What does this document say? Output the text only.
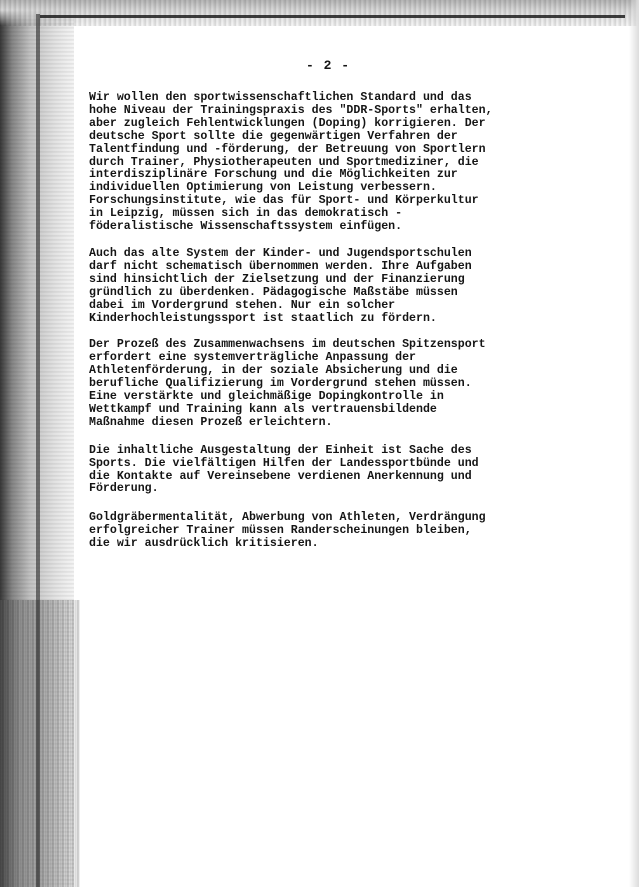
- 2 -

Wir wollen den sportwissenschaftlichen Standard und das
hohe Niveau der Trainingspraxis des "DDR-Sports" erhalten,
aber zugleich Fehlentwicklungen (Doping) korrigieren. Der
deutsche Sport sollte die gegenwärtigen Verfahren der
Talentfindung und -förderung, der Betreuung von Sportlern
durch Trainer, Physiotherapeuten und Sportmediziner, die
interdisziplinäre Forschung und die Möglichkeiten zur
individuellen Optimierung von Leistung verbessern.
Forschungsinstitute, wie das für Sport- und Körperkultur
in Leipzig, müssen sich in das demokratisch -
föderalistische Wissenschaftssystem einfügen.

Auch das alte System der Kinder- und Jugendsportschulen
darf nicht schematisch übernommen werden. Ihre Aufgaben
sind hinsichtlich der Zielsetzung und der Finanzierung
gründlich zu überdenken. Pädagogische Maßstäbe müssen
dabei im Vordergrund stehen. Nur ein solcher
Kinderhochleistungssport ist staatlich zu fördern.

Der Prozeß des Zusammenwachsens im deutschen Spitzensport
erfordert eine systemverträgliche Anpassung der
Athletenförderung, in der soziale Absicherung und die
berufliche Qualifizierung im Vordergrund stehen müssen.
Eine verstärkte und gleichmäßige Dopingkontrolle in
Wettkampf und Training kann als vertrauensbildende
Maßnahme diesen Prozeß erleichtern.

Die inhaltliche Ausgestaltung der Einheit ist Sache des
Sports. Die vielfältigen Hilfen der Landessportbünde und
die Kontakte auf Vereinsebene verdienen Anerkennung und
Förderung.

Goldgräbermentalität, Abwerbung von Athleten, Verdrängung
erfolgreicher Trainer müssen Randerscheinungen bleiben,
die wir ausdrücklich kritisieren.
